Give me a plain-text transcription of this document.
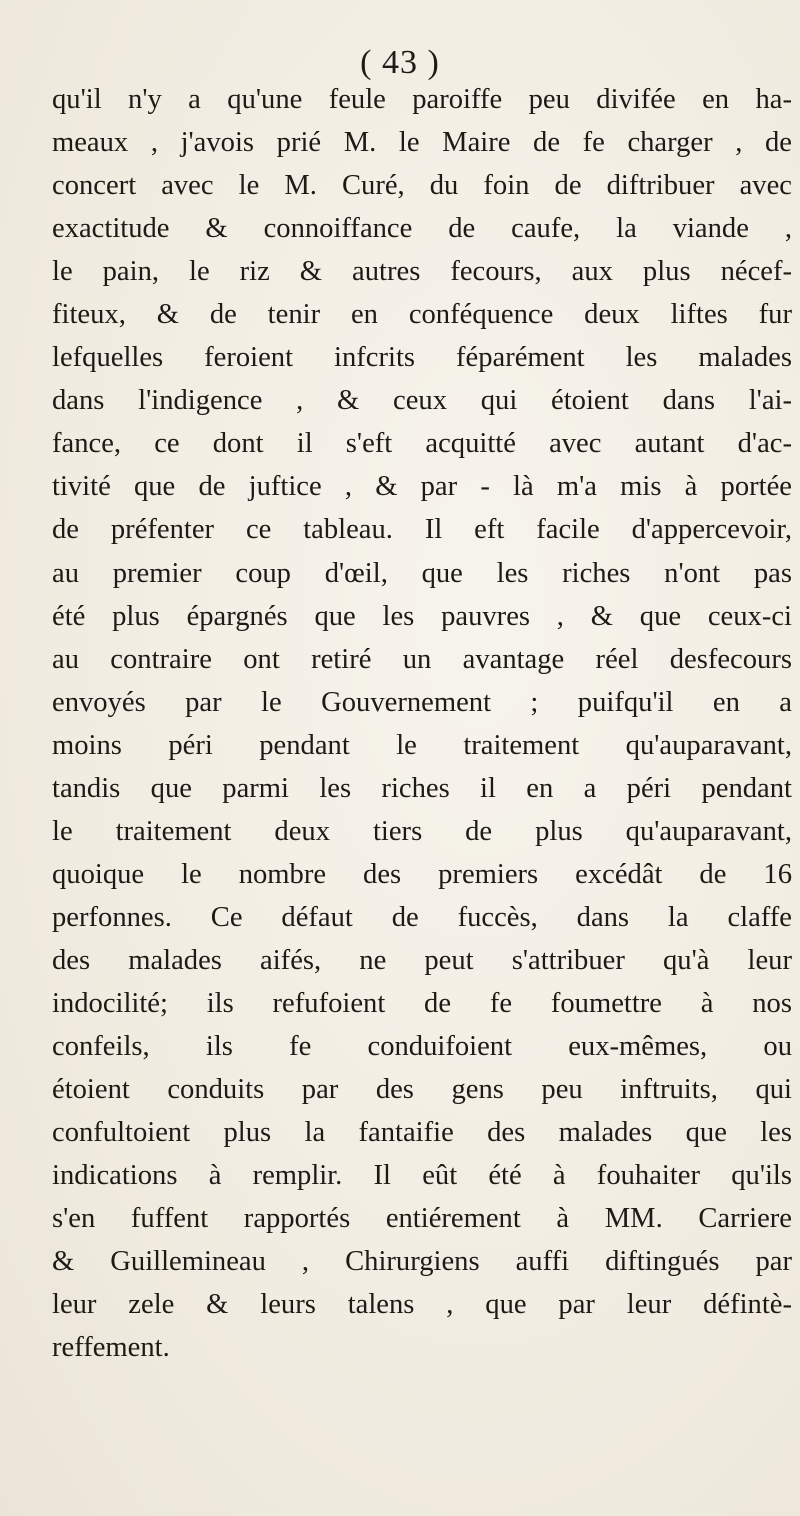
( 43 )
qu'il n'y a qu'une feule paroiffe peu divifée en ha-
meaux , j'avois prié M. le Maire de fe charger , de
concert avec le M. Curé, du foin de diftribuer avec
exactitude & connoiffance de caufe, la viande ,
le pain, le riz & autres fecours, aux plus nécef-
fiteux, & de tenir en conféquence deux liftes fur
lefquelles feroient infcrits féparément les malades
dans l'indigence , & ceux qui étoient dans l'ai-
fance, ce dont il s'eft acquitté avec autant d'ac-
tivité que de juftice , & par - là m'a mis à portée
de préfenter ce tableau. Il eft facile d'appercevoir,
au premier coup d'œil, que les riches n'ont pas
été plus épargnés que les pauvres , & que ceux-ci
au contraire ont retiré un avantage réel desfecours
envoyés par le Gouvernement ; puifqu'il en a
moins péri pendant le traitement qu'auparavant,
tandis que parmi les riches il en a péri pendant
le traitement deux tiers de plus qu'auparavant,
quoique le nombre des premiers excédât de 16
perfonnes. Ce défaut de fuccès, dans la claffe
des malades aifés, ne peut s'attribuer qu'à leur
indocilité; ils refufoient de fe foumettre à nos
confeils, ils fe conduifoient eux-mêmes, ou
étoient conduits par des gens peu inftruits, qui
confultoient plus la fantaifie des malades que les
indications à remplir. Il eût été à fouhaiter qu'ils
s'en fuffent rapportés entiérement à MM. Carriere
& Guillemineau , Chirurgiens auffi diftingués par
leur zele & leurs talens , que par leur défintè-
reffement.
